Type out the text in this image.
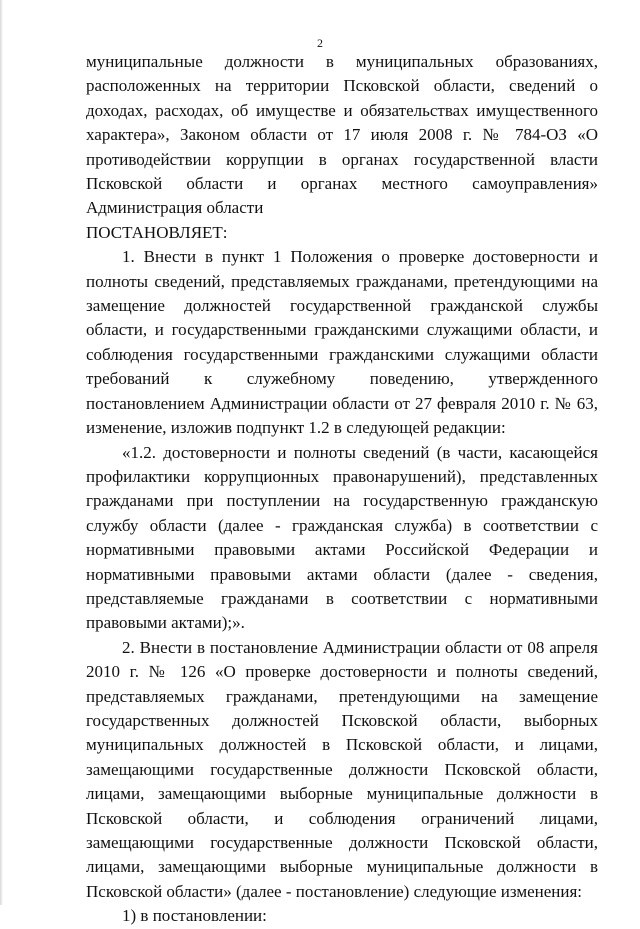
2

муниципальные должности в муниципальных образованиях, расположенных на территории Псковской области, сведений о доходах, расходах, об имуществе и обязательствах имущественного характера», Законом области от 17 июля 2008 г. № 784-ОЗ «О противодействии коррупции в органах государственной власти Псковской области и органах местного самоуправления» Администрация области

ПОСТАНОВЛЯЕТ:

1. Внести в пункт 1 Положения о проверке достоверности и полноты сведений, представляемых гражданами, претендующими на замещение должностей государственной гражданской службы области, и государственными гражданскими служащими области, и соблюдения государственными гражданскими служащими области требований к служебному поведению, утвержденного постановлением Администрации области от 27 февраля 2010 г. № 63, изменение, изложив подпункт 1.2 в следующей редакции:

«1.2. достоверности и полноты сведений (в части, касающейся профилактики коррупционных правонарушений), представленных гражданами при поступлении на государственную гражданскую службу области (далее - гражданская служба) в соответствии с нормативными правовыми актами Российской Федерации и нормативными правовыми актами области (далее - сведения, представляемые гражданами в соответствии с нормативными правовыми актами);».

2. Внести в постановление Администрации области от 08 апреля 2010 г. № 126 «О проверке достоверности и полноты сведений, представляемых гражданами, претендующими на замещение государственных должностей Псковской области, выборных муниципальных должностей в Псковской области, и лицами, замещающими государственные должности Псковской области, лицами, замещающими выборные муниципальные должности в Псковской области, и соблюдения ограничений лицами, замещающими государственные должности Псковской области, лицами, замещающими выборные муниципальные должности в Псковской области» (далее - постановление) следующие изменения:

1) в постановлении:
